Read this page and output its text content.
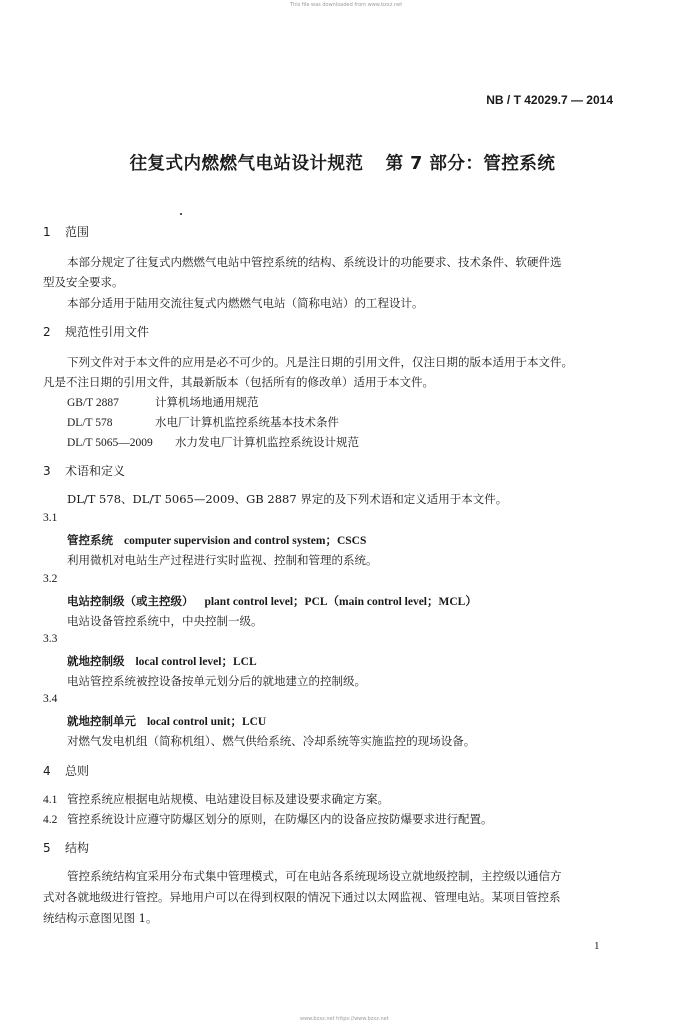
This file was downloaded from www.bzxz.net
NB / T 42029.7 — 2014
往复式内燃燃气电站设计规范 第 7 部分：管控系统
1 范围
本部分规定了往复式内燃燃气电站中管控系统的结构、系统设计的功能要求、技术条件、软硬件选
型及安全要求。
本部分适用于陆用交流往复式内燃燃气电站（简称电站）的工程设计。
2 规范性引用文件
下列文件对于本文件的应用是必不可少的。凡是注日期的引用文件，仅注日期的版本适用于本文件。
凡是不注日期的引用文件，其最新版本（包括所有的修改单）适用于本文件。
GB/T 2887	计算机场地通用规范
DL/T 578	水电厂计算机监控系统基本技术条件
DL/T 5065—2009 水力发电厂计算机监控系统设计规范
3 术语和定义
DL/T 578、DL/T 5065—2009、GB 2887 界定的及下列术语和定义适用于本文件。
3.1
管控系统 computer supervision and control system；CSCS
利用微机对电站生产过程进行实时监视、控制和管理的系统。
3.2
电站控制级（或主控级） plant control level；PCL（main control level；MCL）
电站设备管控系统中，中央控制一级。
3.3
就地控制级 local control level；LCL
电站管控系统被控设备按单元划分后的就地建立的控制级。
3.4
就地控制单元 local control unit；LCU
对燃气发电机组（简称机组）、燃气供给系统、冷却系统等实施监控的现场设备。
4 总则
4.1 管控系统应根据电站规模、电站建设目标及建设要求确定方案。
4.2 管控系统设计应遵守防爆区划分的原则，在防爆区内的设备应按防爆要求进行配置。
5 结构
管控系统结构宜采用分布式集中管理模式，可在电站各系统现场设立就地级控制，主控级以通信方
式对各就地级进行管控。异地用户可以在得到权限的情况下通过以太网监视、管理电站。某项目管控系
统结构示意图见图 1。
1
www.bzxz.net https://www.bzxz.net
